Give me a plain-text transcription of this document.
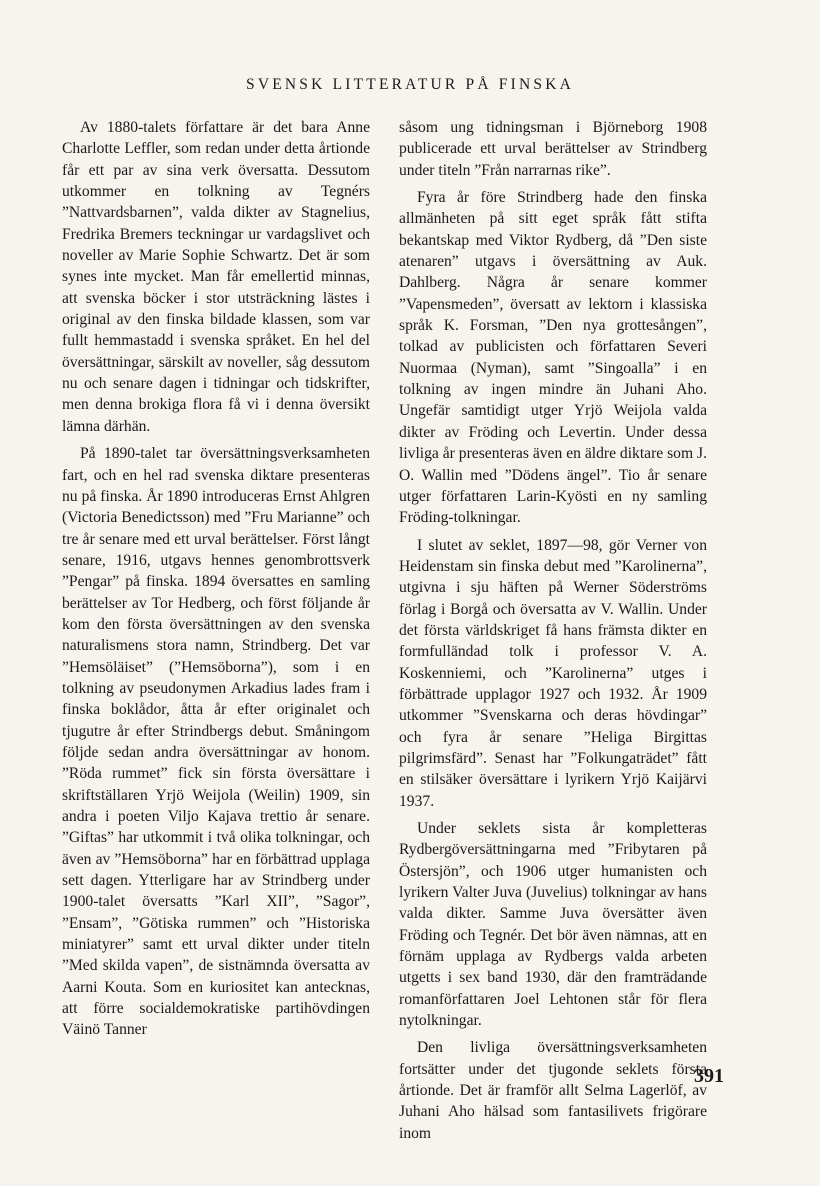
SVENSK LITTERATUR PÅ FINSKA

Av 1880-talets författare är det bara Anne Charlotte Leffler, som redan under detta årtionde får ett par av sina verk översatta. Dessutom utkommer en tolkning av Tegnérs ”Nattvardsbarnen”, valda dikter av Stagnelius, Fredrika Bremers teckningar ur vardagslivet och noveller av Marie Sophie Schwartz. Det är som synes inte mycket. Man får emellertid minnas, att svenska böcker i stor utsträckning lästes i original av den finska bildade klassen, som var fullt hemmastadd i svenska språket. En hel del översättningar, särskilt av noveller, såg dessutom nu och senare dagen i tidningar och tidskrifter, men denna brokiga flora få vi i denna översikt lämna därhän.

På 1890-talet tar översättningsverksamheten fart, och en hel rad svenska diktare presenteras nu på finska. År 1890 introduceras Ernst Ahlgren (Victoria Benedictsson) med ”Fru Marianne” och tre år senare med ett urval berättelser. Först långt senare, 1916, utgavs hennes genombrottsverk ”Pengar” på finska. 1894 översattes en samling berättelser av Tor Hedberg, och först följande år kom den första översättningen av den svenska naturalismens stora namn, Strindberg. Det var ”Hemsöläiset” (”Hemsöborna”), som i en tolkning av pseudonymen Arkadius lades fram i finska boklådor, åtta år efter originalet och tjugutre år efter Strindbergs debut. Småningom följde sedan andra översättningar av honom. ”Röda rummet” fick sin första översättare i skriftställaren Yrjö Weijola (Weilin) 1909, sin andra i poeten Viljo Kajava trettio år senare. ”Giftas” har utkommit i två olika tolkningar, och även av ”Hemsöborna” har en förbättrad upplaga sett dagen. Ytterligare har av Strindberg under 1900-talet översatts ”Karl XII”, ”Sagor”, ”Ensam”, ”Götiska rummen” och ”Historiska miniatyrer” samt ett urval dikter under titeln ”Med skilda vapen”, de sistnämnda översatta av Aarni Kouta. Som en kuriositet kan antecknas, att förre socialdemokratiske partihövdingen Väinö Tanner

såsom ung tidningsman i Björneborg 1908 publicerade ett urval berättelser av Strindberg under titeln ”Från narrarnas rike”.

Fyra år före Strindberg hade den finska allmänheten på sitt eget språk fått stifta bekantskap med Viktor Rydberg, då ”Den siste atenaren” utgavs i översättning av Auk. Dahlberg. Några år senare kommer ”Vapensmeden”, översatt av lektorn i klassiska språk K. Forsman, ”Den nya grottesången”, tolkad av publicisten och författaren Severi Nuormaa (Nyman), samt ”Singoalla” i en tolkning av ingen mindre än Juhani Aho. Ungefär samtidigt utger Yrjö Weijola valda dikter av Fröding och Levertin. Under dessa livliga år presenteras även en äldre diktare som J. O. Wallin med ”Dödens ängel”. Tio år senare utger författaren Larin-Kyösti en ny samling Fröding-tolkningar.

I slutet av seklet, 1897—98, gör Verner von Heidenstam sin finska debut med ”Karolinerna”, utgivna i sju häften på Werner Söderströms förlag i Borgå och översatta av V. Wallin. Under det första världskriget få hans främsta dikter en formfulländad tolk i professor V. A. Koskenniemi, och ”Karolinerna” utges i förbättrade upplagor 1927 och 1932. År 1909 utkommer ”Svenskarna och deras hövdingar” och fyra år senare ”Heliga Birgittas pilgrimsfärd”. Senast har ”Folkungaträdet” fått en stilsäker översättare i lyrikern Yrjö Kaijärvi 1937.

Under seklets sista år kompletteras Rydbergöversättningarna med ”Fribytaren på Östersjön”, och 1906 utger humanisten och lyrikern Valter Juva (Juvelius) tolkningar av hans valda dikter. Samme Juva översätter även Fröding och Tegnér. Det bör även nämnas, att en förnäm upplaga av Rydbergs valda arbeten utgetts i sex band 1930, där den framträdande romanförfattaren Joel Lehtonen står för flera nytolkningar.

Den livliga översättningsverksamheten fortsätter under det tjugonde seklets första årtionde. Det är framför allt Selma Lagerlöf, av Juhani Aho hälsad som fantasilivets frigörare inom

391
